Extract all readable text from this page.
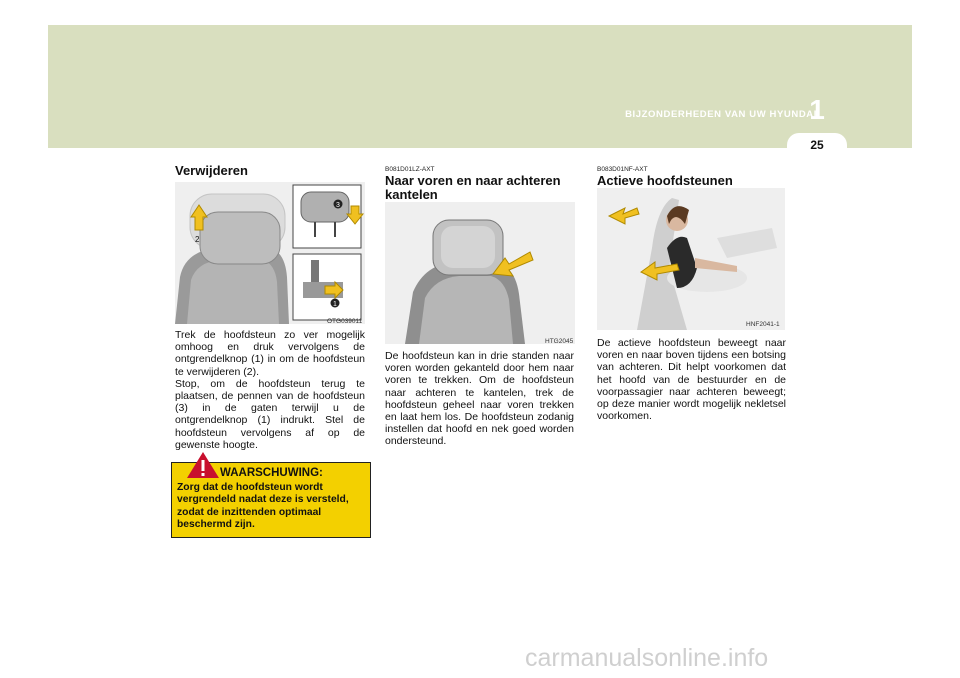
BIJZONDERHEDEN VAN UW HYUNDAI
1
25
Verwijderen
2
3
1
OTG039011
Trek de hoofdsteun zo ver mogelijk omhoog en druk vervolgens de ontgrendelknop (1) in om de hoofdsteun te verwijderen (2).
Stop, om de hoofdsteun terug te plaatsen, de pennen van de hoofdsteun (3) in de gaten terwijl u de ontgrendelknop (1) indrukt. Stel de hoofdsteun vervolgens af op de gewenste hoogte.
WAARSCHUWING:
Zorg dat de hoofdsteun wordt vergrendeld nadat deze is versteld, zodat de inzittenden optimaal beschermd zijn.
B081D01LZ-AXT
Naar voren en naar achteren kantelen
HTG2045
De hoofdsteun kan in drie standen naar voren worden gekanteld door hem naar voren te trekken. Om de hoofdsteun naar achteren te kantelen, trek de hoofdsteun geheel naar voren trekken en laat hem los. De hoofdsteun zodanig instellen dat hoofd en nek goed worden ondersteund.
B083D01NF-AXT
Actieve hoofdsteunen
HNF2041-1
De actieve hoofdsteun beweegt naar voren en naar boven tijdens een botsing van achteren. Dit helpt voorkomen dat het hoofd van de bestuurder en de voorpassagier naar achteren beweegt; op deze manier wordt mogelijk nekletsel voorkomen.
carmanualsonline.info
